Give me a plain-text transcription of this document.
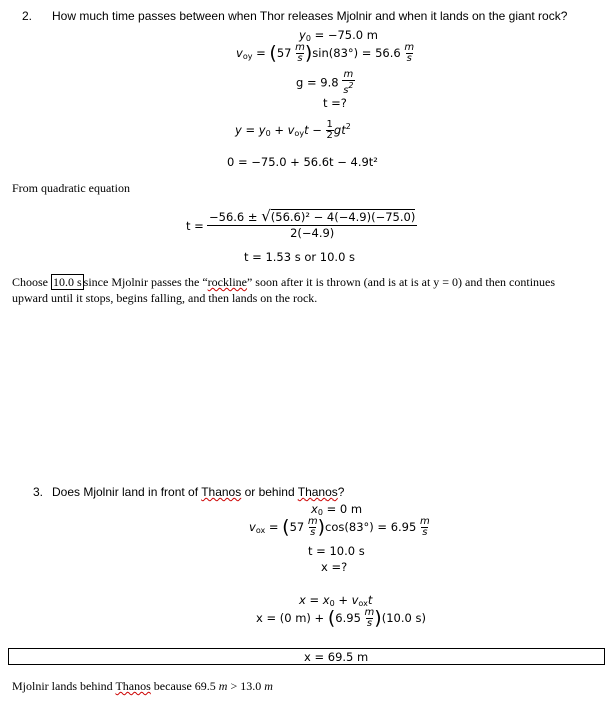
2. How much time passes between when Thor releases Mjolnir and when it lands on the giant rock?
$y_0 = -75.0$ m
$v_{oy} = (57 \frac{m}{s} )\sin(83^\circ) = 56.6 \frac{m}{s}$
$g = 9.8 \frac{m}{s^2}$
t =?
$y = y_0 + v_{oy}t - \frac{1}{2} gt^2$
0 = −75.0 + 56.6t − 4.9t²
From quadratic equation
t =
−56.6 ± √(56.6)² − 4(−4.9)(−75.0)
2(−4.9)
t = 1.53 s or 10.0 s
Choose 10.0 s since Mjolnir passes the “rockline” soon after it is thrown (and is at is at y = 0) and then continues
upward until it stops, begins falling, and then lands on the rock.
3. Does Mjolnir land in front of Thanos or behind Thanos?
$x_0 = 0$ m
$v_{ox} = (57 \frac{m}{s} )\cos(83^\circ) = 6.95 \frac{m}{s}$
t = 10.0 s
x =?
$x = x_0 + v_{ox}t$
x = (0 $m) + (6.95 \frac{m}{s} )(10.0$ s)
x = 69.5 m
Mjolnir lands behind Thanos because 69.5 m > 13.0 m
